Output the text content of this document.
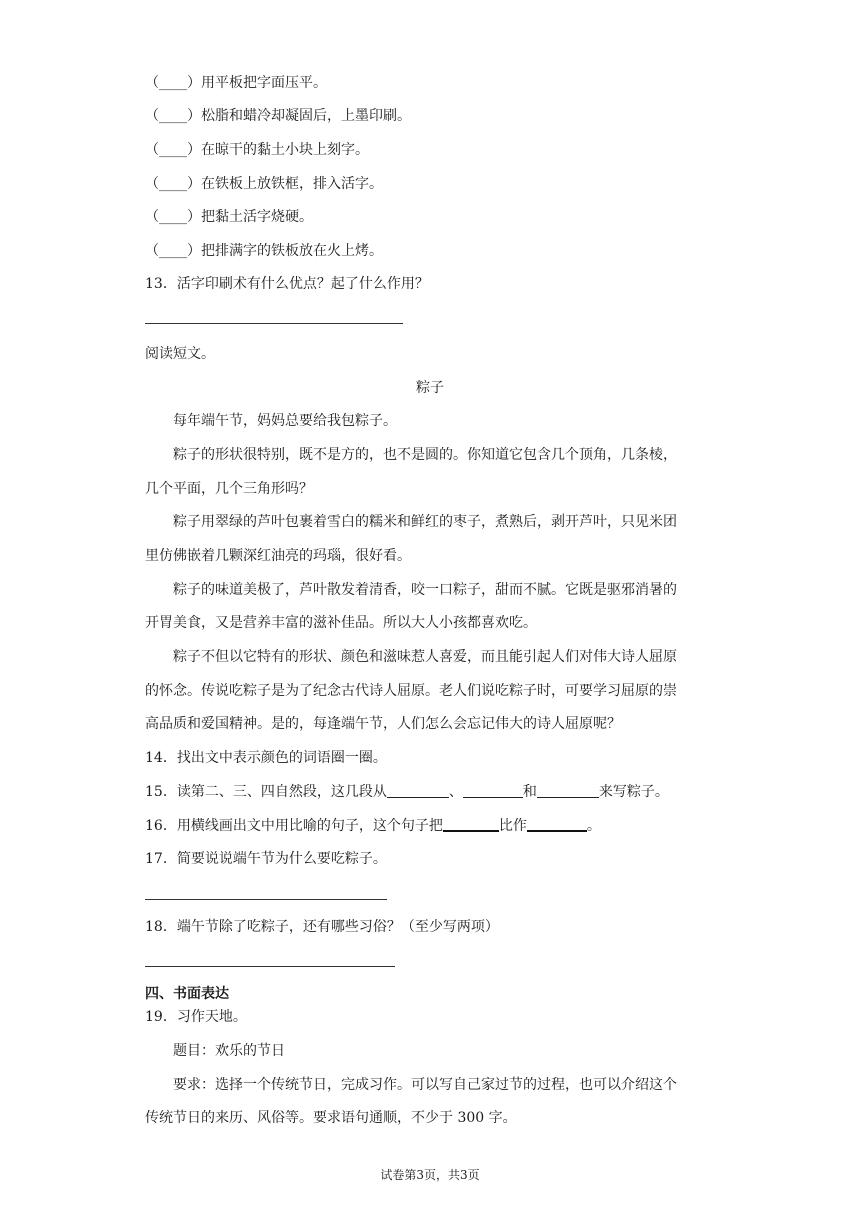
（____）用平板把字面压平。
（____）松脂和蜡冷却凝固后，上墨印刷。
（____）在晾干的黏土小块上刻字。
（____）在铁板上放铁框，排入活字。
（____）把黏土活字烧硬。
（____）把排满字的铁板放在火上烤。
13．活字印刷术有什么优点？起了什么作用？
阅读短文。
粽子
每年端午节，妈妈总要给我包粽子。
粽子的形状很特别，既不是方的，也不是圆的。你知道它包含几个顶角，几条棱，
几个平面，几个三角形吗？
粽子用翠绿的芦叶包裹着雪白的糯米和鲜红的枣子，煮熟后，剥开芦叶，只见米团
里仿佛嵌着几颗深红油亮的玛瑙，很好看。
粽子的味道美极了，芦叶散发着清香，咬一口粽子，甜而不腻。它既是驱邪消暑的
开胃美食，又是营养丰富的滋补佳品。所以大人小孩都喜欢吃。
粽子不但以它特有的形状、颜色和滋味惹人喜爱，而且能引起人们对伟大诗人屈原
的怀念。传说吃粽子是为了纪念古代诗人屈原。老人们说吃粽子时，可要学习屈原的崇
高品质和爱国精神。是的，每逢端午节，人们怎么会忘记伟大的诗人屈原呢？
14．找出文中表示颜色的词语圈一圈。
15．读第二、三、四自然段，这几段从	、	和	来写粽子。
16．用横线画出文中用比喻的句子，这个句子把	比作	。
17．简要说说端午节为什么要吃粽子。
18．端午节除了吃粽子，还有哪些习俗？（至少写两项）
四、书面表达
19．习作天地。
题目：欢乐的节日
要求：选择一个传统节日，完成习作。可以写自己家过节的过程，也可以介绍这个
传统节日的来历、风俗等。要求语句通顺，不少于 300 字。
试卷第3页，共3页
